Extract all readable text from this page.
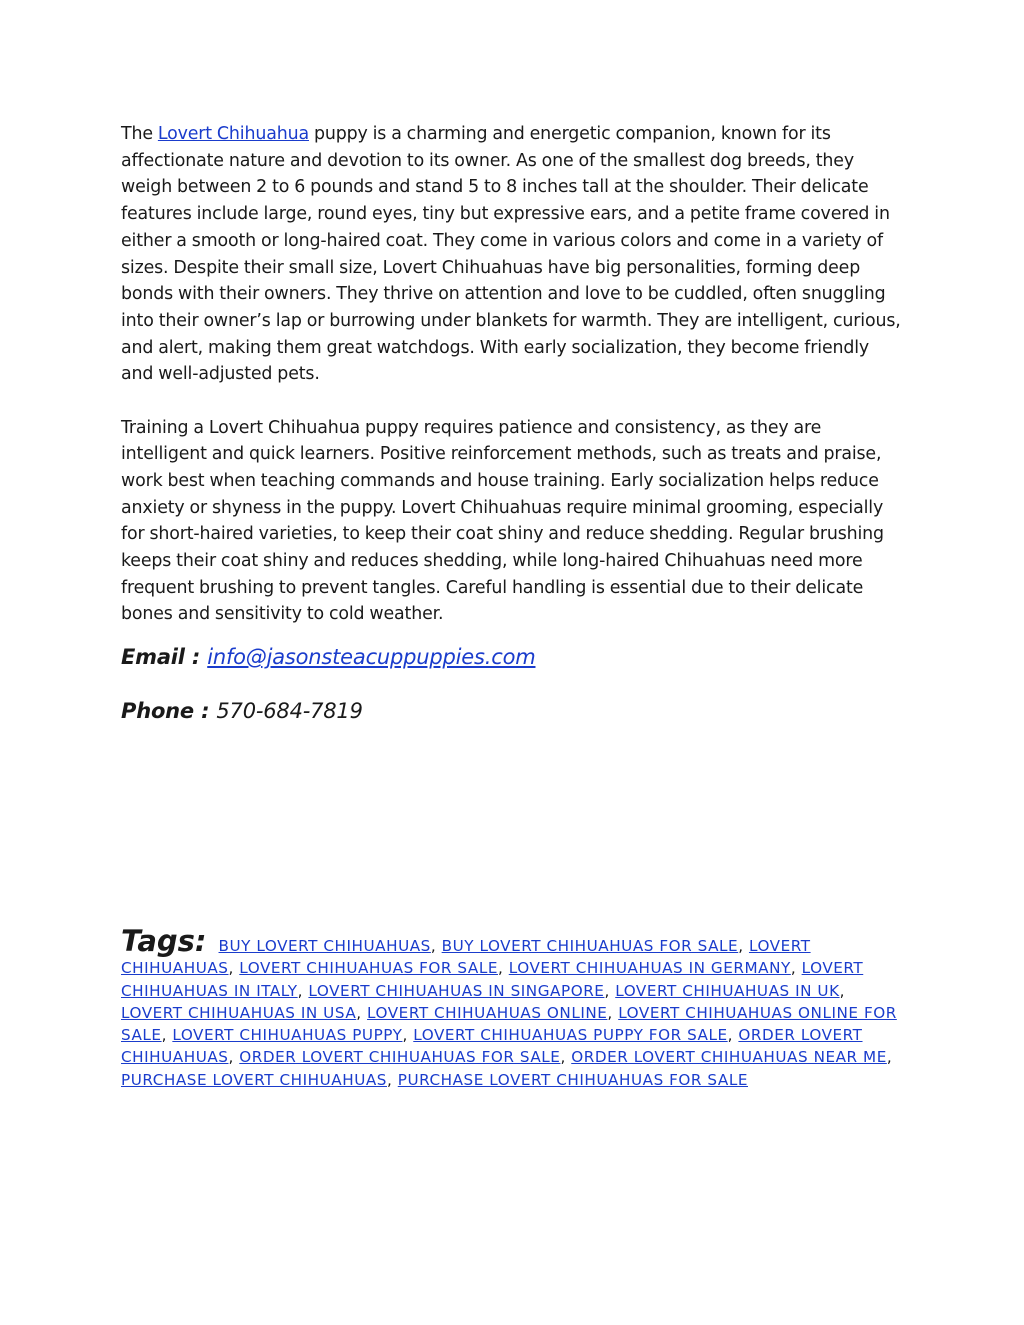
The Lovert Chihuahua puppy is a charming and energetic companion, known for its affectionate nature and devotion to its owner. As one of the smallest dog breeds, they weigh between 2 to 6 pounds and stand 5 to 8 inches tall at the shoulder. Their delicate features include large, round eyes, tiny but expressive ears, and a petite frame covered in either a smooth or long-haired coat. They come in various colors and come in a variety of sizes. Despite their small size, Lovert Chihuahuas have big personalities, forming deep bonds with their owners. They thrive on attention and love to be cuddled, often snuggling into their owner’s lap or burrowing under blankets for warmth. They are intelligent, curious, and alert, making them great watchdogs. With early socialization, they become friendly and well-adjusted pets.

Training a Lovert Chihuahua puppy requires patience and consistency, as they are intelligent and quick learners. Positive reinforcement methods, such as treats and praise, work best when teaching commands and house training. Early socialization helps reduce anxiety or shyness in the puppy. Lovert Chihuahuas require minimal grooming, especially for short-haired varieties, to keep their coat shiny and reduce shedding. Regular brushing keeps their coat shiny and reduces shedding, while long-haired Chihuahuas need more frequent brushing to prevent tangles. Careful handling is essential due to their delicate bones and sensitivity to cold weather.

Email : info@jasonsteacuppuppies.com

Phone : 570-684-7819

Tags: BUY LOVERT CHIHUAHUAS, BUY LOVERT CHIHUAHUAS FOR SALE, LOVERT CHIHUAHUAS, LOVERT CHIHUAHUAS FOR SALE, LOVERT CHIHUAHUAS IN GERMANY, LOVERT CHIHUAHUAS IN ITALY, LOVERT CHIHUAHUAS IN SINGAPORE, LOVERT CHIHUAHUAS IN UK, LOVERT CHIHUAHUAS IN USA, LOVERT CHIHUAHUAS ONLINE, LOVERT CHIHUAHUAS ONLINE FOR SALE, LOVERT CHIHUAHUAS PUPPY, LOVERT CHIHUAHUAS PUPPY FOR SALE, ORDER LOVERT CHIHUAHUAS, ORDER LOVERT CHIHUAHUAS FOR SALE, ORDER LOVERT CHIHUAHUAS NEAR ME, PURCHASE LOVERT CHIHUAHUAS, PURCHASE LOVERT CHIHUAHUAS FOR SALE
